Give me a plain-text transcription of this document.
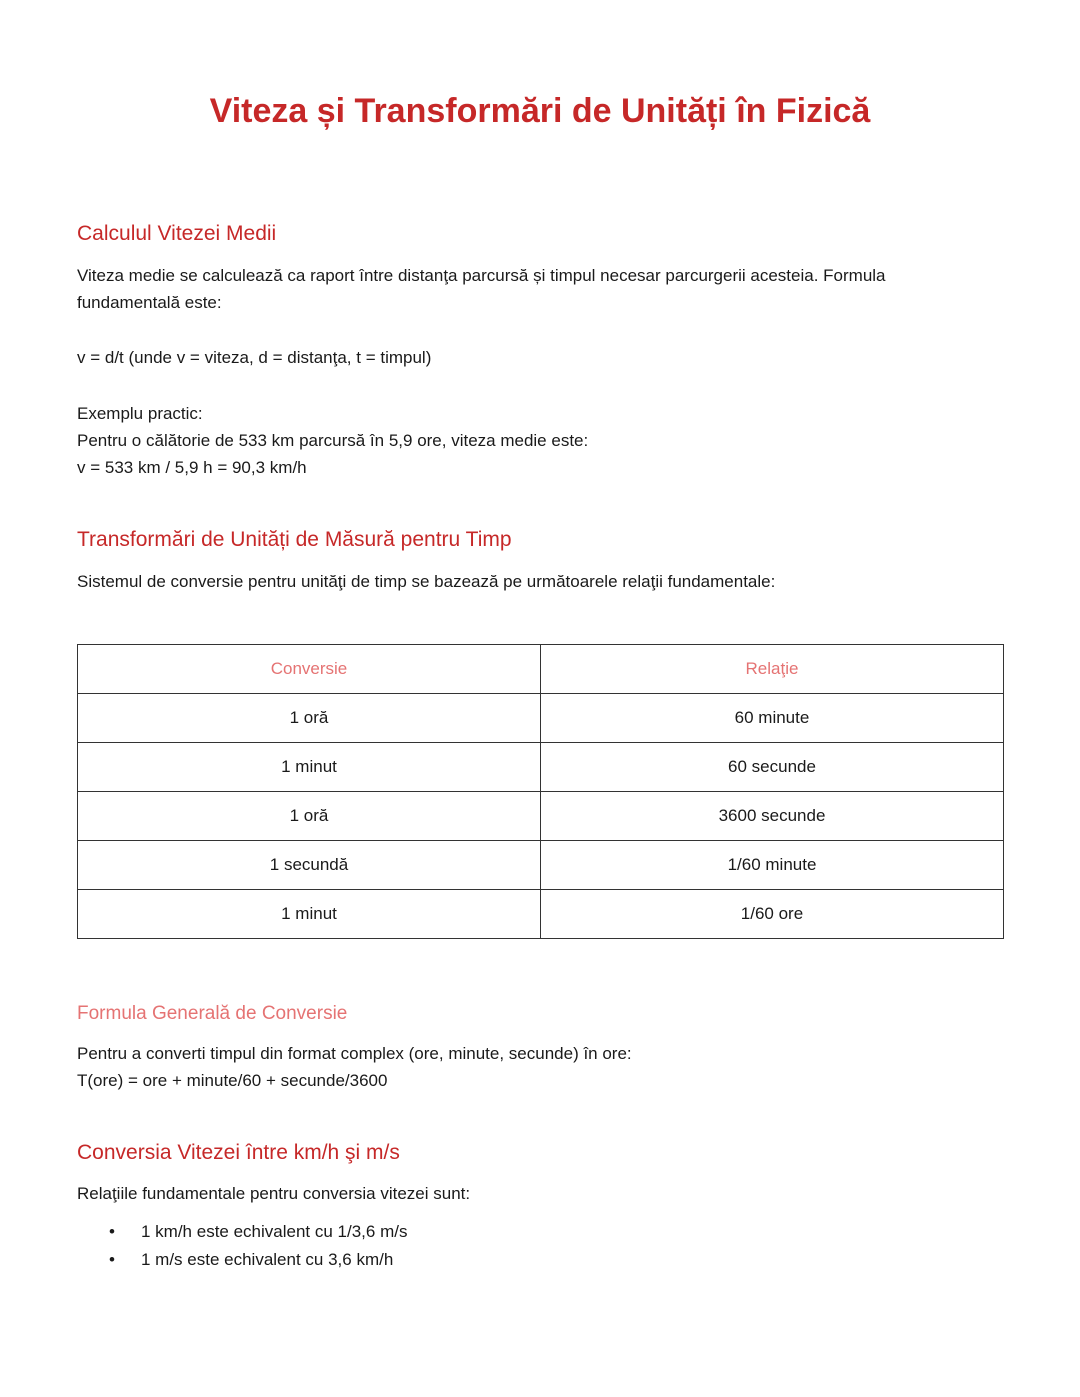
Viteza și Transformări de Unități în Fizică
Calculul Vitezei Medii
Viteza medie se calculează ca raport între distanţa parcursă și timpul necesar parcurgerii acesteia. Formula fundamentală este:
v = d/t (unde v = viteza, d = distanţa, t = timpul)
Exemplu practic:
Pentru o călătorie de 533 km parcursă în 5,9 ore, viteza medie este:
v = 533 km / 5,9 h = 90,3 km/h
Transformări de Unități de Măsură pentru Timp
Sistemul de conversie pentru unităţi de timp se bazează pe următoarele relaţii fundamentale:
Conversie	Relaţie
1 oră	60 minute
1 minut	60 secunde
1 oră	3600 secunde
1 secundă	1/60 minute
1 minut	1/60 ore
Formula Generală de Conversie
Pentru a converti timpul din format complex (ore, minute, secunde) în ore:
T(ore) = ore + minute/60 + secunde/3600
Conversia Vitezei între km/h şi m/s
Relaţiile fundamentale pentru conversia vitezei sunt:
• 1 km/h este echivalent cu 1/3,6 m/s
• 1 m/s este echivalent cu 3,6 km/h
